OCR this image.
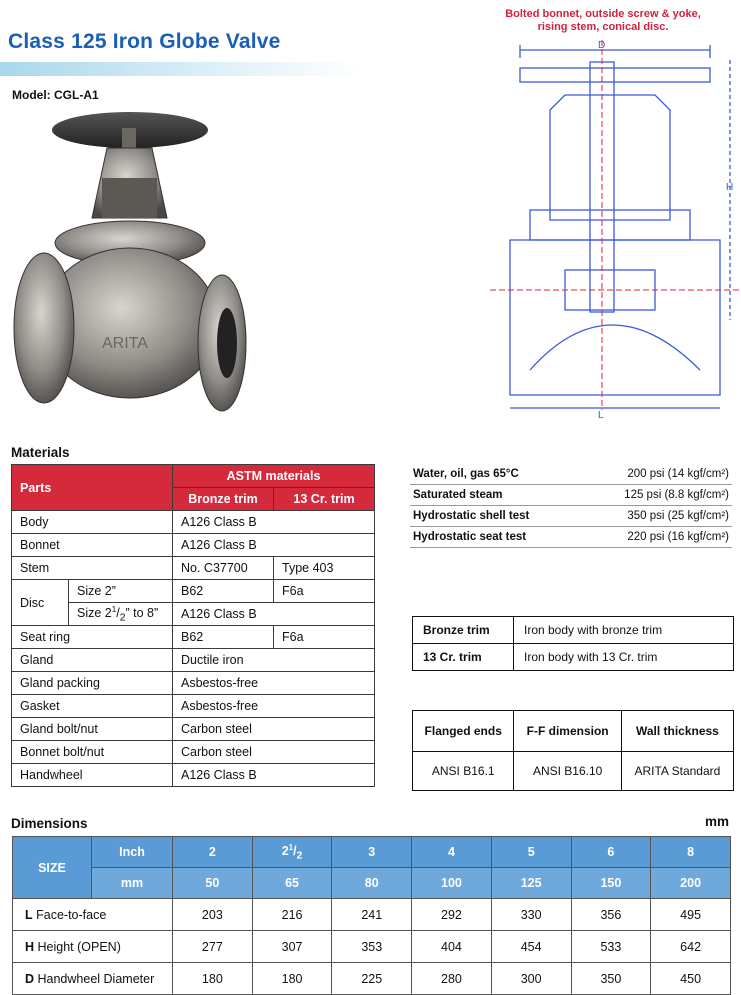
Class 125 Iron Globe Valve
Model: CGL-A1
ARITA
Bolted bonnet, outside screw & yoke,
rising stem, conical disc.
D
H
L
Materials
Parts		ASTM materials	
		Bronze trim	13 Cr. trim
Body		A126 Class B	
Bonnet		A126 Class B	
Stem		No. C37700	Type 403
Disc	Size 2”	B62	F6a
	Size $2^1/_2$” to 8”	A126 Class B	
Seat ring		B62	F6a
Gland		Ductile iron	
Gland packing		Asbestos-free	
Gasket		Asbestos-free	
Gland bolt/nut		Carbon steel	
Bonnet bolt/nut		Carbon steel	
Handwheel		A126 Class B	
Water, oil, gas 65°C	200 psi (14 kgf/cm²)
Saturated steam	125 psi (8.8 kgf/cm²)
Hydrostatic shell test	350 psi (25 kgf/cm²)
Hydrostatic seat test	220 psi (16 kgf/cm²)
Bronze trim	Iron body with bronze trim
13 Cr. trim	Iron body with 13 Cr. trim
Flanged ends	F-F dimension	Wall thickness
ANSI B16.1	ANSI B16.10	ARITA Standard
Dimensions	mm
SIZE	Inch	2	$2^1/_2$	3	4	5	6	8
	mm	50	65	80	100	125	150	200
L Face-to-face		203	216	241	292	330	356	495
H Height (OPEN)		277	307	353	404	454	533	642
D Handwheel Diameter		180	180	225	280	300	350	450
